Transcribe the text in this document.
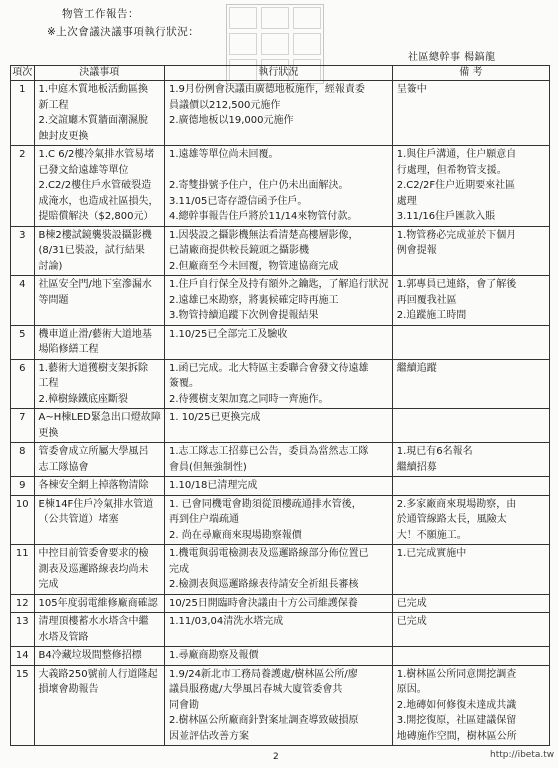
物管工作報告：
※上次會議決議事項執行狀況：
社區總幹事 楊鎬龍
項次	決議事項	執行狀況	備 考
1	1.中庭木質地板活動區換
新工程
2.交誼廳木質牆面潮濕脫
蝕封皮更換	1.9月份例會決議由廣德地板施作，經報責委
員議價以212,500元施作
2.廣德地板以19,000元施作	呈簽中

2	1.C 6/2樓冷氣排水管易堵
已發文給遠雄等單位
2.C2/2樓住戶水管破裂造
成淹水，也造成社區損失，
提賠償解決（$2,800元）	1.遠雄等單位尚未回覆。

2.寄雙掛號予住户，住户仍未出面解決。
3.11/05已寄存證信函予住戶。
4.總幹事報告住戶將於11/14來物管付款。	1.與住戶溝通，住户願意自
行處理，但希物管支援。
2.C2/2F住户近期要來社區
處理
3.11/16住戶匯款入賬

3	B棟2樓試鏡襲裝設攝影機
(8/31已裝設，試行結果
討論)	1.因裝設之攝影機無法看清楚高樓層影像，
已請廠商提供較長鏡頭之攝影機
2.但廠商至今未回覆，物管連協商完成	1.物管務必完成並於下個月
例會提報

4	社區安全門/地下室滲漏水
等問題	1.住戶自行保全及持有額外之鑰匙，了解追行狀況
2.遠雄已來勘察，將裏候確定時再施工
3.物管持續追蹤下次例會提報結果	1.郭專員已連絡，會了解後
再回覆我社區
2.追蹤施工時間

5	機車道止滑/藝術大道地基
場陷修繕工程	1.10/25已全部完工及驗收	

6	1.藝術大道獲樹支架拆除
工程
2.樟樹綠鐵底座斷裂	1.函已完成。北大特區主委聯合會發文待遠雄
簽覆。
2.待獲樹支架加寬之同時一齊施作。	繼續追蹤

7	A~H棟LED緊急出口燈故障
更換	1. 10/25已更換完成	

8	管委會成立所屬大學風呂
志工隊協會	1.志工隊志工招募已公告，委員為當然志工隊
會員(但無強制性)	1.現已有6名報名
繼續招募

9	各棟安全網上掉落物清除	1.10/18已清理完成	

10	E棟14F住戶冷氣排水管道
（公共管道）堵塞	1. 已會同機電會勘須從頂樓疏通排水管後，
再到住户端疏通
2. 尚在尋廠商來現場勘察報價	2.多家廠商來現場勘察，由
於通管線路太長，風險太
大！不願施工。

11	中控目前管委會要求的檢
測表及巡邏路線表均尚未
完成	1.機電與弱電檢測表及巡邏路線部分佈位置已
完成
2.檢測表與巡邏路線表待請安全祈組長審核	1.已完成實施中

12	105年度弱電維修廠商確認	10/25日開臨時會決議由十方公司維護保養	已完成

13	清理頂樓蓄水水塔含中繼
水塔及管路	1.11/03,04清洗水塔完成	已完成

14	B4冷藏垃圾間整修招標	1.尋廠商勘察及報價	

15	大義路250號前人行道隆起
損壞會勘報告	1.9/24新北市工務局養護處/樹林區公所/廖
議員服務處/大學風呂春城大廈管委會共
同會勘
2.樹林區公所廠商針對案址調查導致破損原
因並評估改善方案	1.樹林區公所同意開挖調查
原因。
2.地磚如何修復未達成共識
3.開挖復原，社區建議保留
地磚施作空間，樹林區公所
2	http://ibeta.tw
